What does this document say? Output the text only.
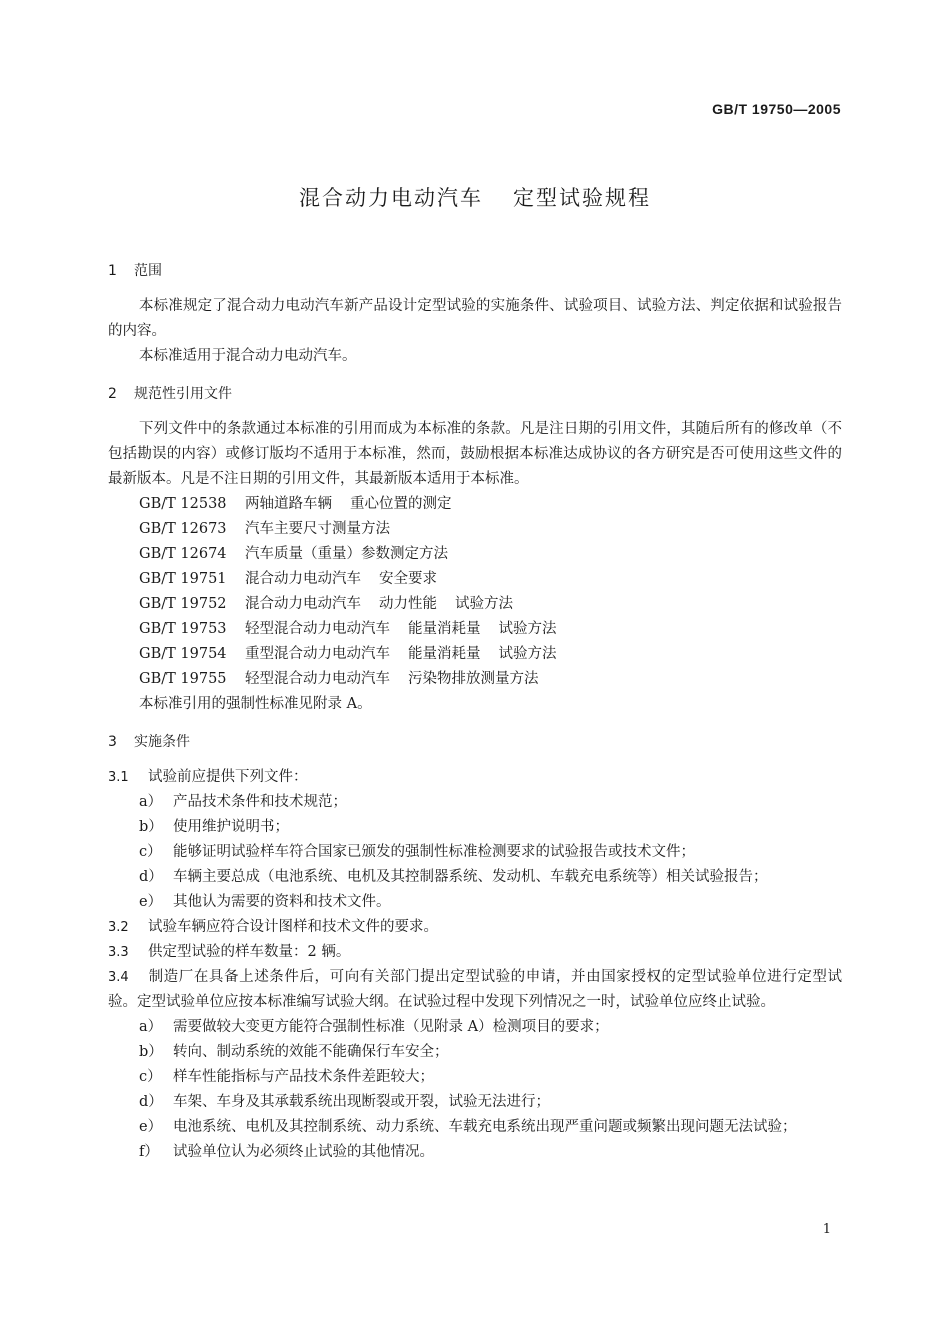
GB/T 19750—2005
混合动力电动汽车 定型试验规程
1 范围

本标准规定了混合动力电动汽车新产品设计定型试验的实施条件、试验项目、试验方法、判定依据和试验报告的内容。

本标准适用于混合动力电动汽车。

2 规范性引用文件

下列文件中的条款通过本标准的引用而成为本标准的条款。凡是注日期的引用文件，其随后所有的修改单（不包括勘误的内容）或修订版均不适用于本标准，然而，鼓励根据本标准达成协议的各方研究是否可使用这些文件的最新版本。凡是不注日期的引用文件，其最新版本适用于本标准。

GB/T 12538 两轴道路车辆 重心位置的测定
GB/T 12673 汽车主要尺寸测量方法
GB/T 12674 汽车质量（重量）参数测定方法
GB/T 19751 混合动力电动汽车 安全要求
GB/T 19752 混合动力电动汽车 动力性能 试验方法
GB/T 19753 轻型混合动力电动汽车 能量消耗量 试验方法
GB/T 19754 重型混合动力电动汽车 能量消耗量 试验方法
GB/T 19755 轻型混合动力电动汽车 污染物排放测量方法

本标准引用的强制性标准见附录 A。

3 实施条件
3.1 试验前应提供下列文件：
a） 产品技术条件和技术规范；
b） 使用维护说明书；
c） 能够证明试验样车符合国家已颁发的强制性标准检测要求的试验报告或技术文件；
d） 车辆主要总成（电池系统、电机及其控制器系统、发动机、车载充电系统等）相关试验报告；
e） 其他认为需要的资料和技术文件。
3.2 试验车辆应符合设计图样和技术文件的要求。
3.3 供定型试验的样车数量：2 辆。
3.4 制造厂在具备上述条件后，可向有关部门提出定型试验的申请，并由国家授权的定型试验单位进行定型试验。定型试验单位应按本标准编写试验大纲。在试验过程中发现下列情况之一时，试验单位应终止试验。
a） 需要做较大变更方能符合强制性标准（见附录 A）检测项目的要求；
b） 转向、制动系统的效能不能确保行车安全；
c） 样车性能指标与产品技术条件差距较大；
d） 车架、车身及其承载系统出现断裂或开裂，试验无法进行；
e） 电池系统、电机及其控制系统、动力系统、车载充电系统出现严重问题或频繁出现问题无法试验；
f） 试验单位认为必须终止试验的其他情况。
1
